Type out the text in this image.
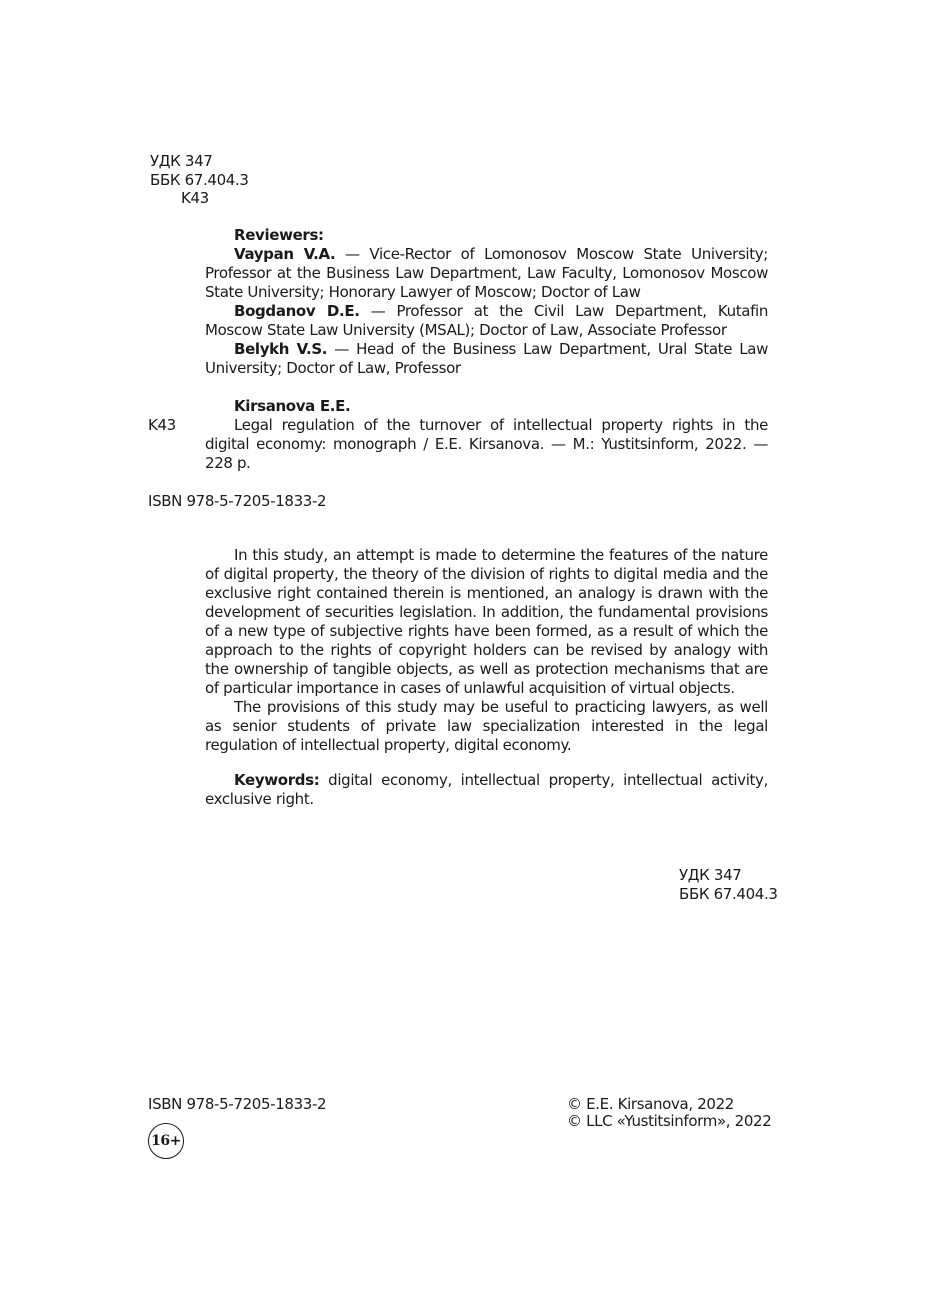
УДК 347
ББК 67.404.3
K43

Reviewers:

Vaypan V.A. — Vice-Rector of Lomonosov Moscow State University; Professor at the Business Law Department, Law Faculty, Lomonosov Moscow State University; Honorary Lawyer of Moscow; Doctor of Law

Bogdanov D.E. — Professor at the Civil Law Department, Kutafin Moscow State Law University (MSAL); Doctor of Law, Associate Professor

Belykh V.S. — Head of the Business Law Department, Ural State Law University; Doctor of Law, Professor

Kirsanova E.E.

Legal regulation of the turnover of intellectual property rights in the digital economy: monograph / E.E. Kirsanova. — M.: Yustitsinform, 2022. — 228 p.

K43
ISBN 978-5-7205-1833-2

In this study, an attempt is made to determine the features of the nature of digital property, the theory of the division of rights to digital media and the exclusive right contained therein is mentioned, an analogy is drawn with the development of securities legislation. In addition, the fundamental provisions of a new type of subjective rights have been formed, as a result of which the approach to the rights of copyright holders can be revised by analogy with the ownership of tangible objects, as well as protection mechanisms that are of particular importance in cases of unlawful acquisition of virtual objects.

The provisions of this study may be useful to practicing lawyers, as well as senior students of private law specialization interested in the legal regulation of intellectual property, digital economy.

Keywords: digital economy, intellectual property, intellectual activity, exclusive right.

УДК 347
ББК 67.404.3
ISBN 978-5-7205-1833-2	© E.E. Kirsanova, 2022
© LLC «Yustitsinform», 2022
16+
